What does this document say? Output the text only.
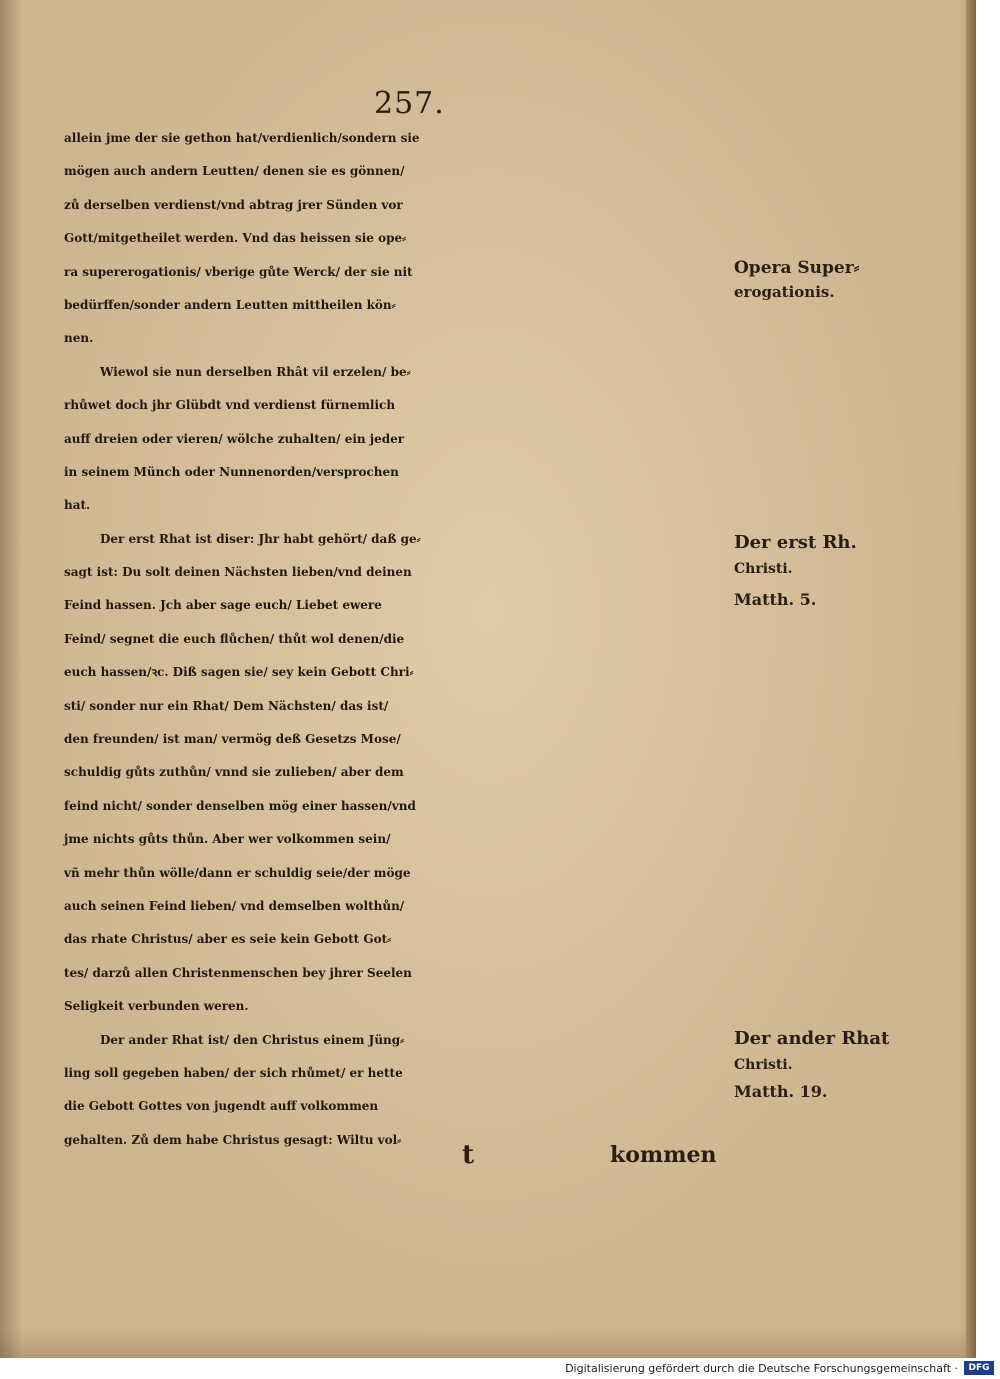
257.
allein jme der sie gethon hat/verdienlich/sondern sie
mögen auch andern Leutten/ denen sie es gönnen/
zů derselben verdienst/vnd abtrag jrer Sünden vor
Gott/mitgetheilet werden. Vnd das heissen sie ope⸗
ra supererogationis/ vberige gůte Werck/ der sie nit
bedürffen/sonder andern Leutten mittheilen kön⸗
nen.
Wiewol sie nun derselben Rhât vil erzelen/ be⸗
rhůwet doch jhr Glübdt vnd verdienst fürnemlich
auff dreien oder vieren/ wölche zuhalten/ ein jeder
in seinem Münch oder Nunnenorden/versprochen
hat.
Der erst Rhat ist diser: Jhr habt gehört/ daß ge⸗
sagt ist: Du solt deinen Nächsten lieben/vnd deinen
Feind hassen. Jch aber sage euch/ Liebet ewere
Feind/ segnet die euch flůchen/ thůt wol denen/die
euch hassen/ꝛc. Diß sagen sie/ sey kein Gebott Chri⸗
sti/ sonder nur ein Rhat/ Dem Nächsten/ das ist/
den freunden/ ist man/ vermög deß Gesetzs Mose/
schuldig gůts zuthůn/ vnnd sie zulieben/ aber dem
feind nicht/ sonder denselben mög einer hassen/vnd
jme nichts gůts thůn. Aber wer volkommen sein/
vñ mehr thůn wölle/dann er schuldig seie/der möge
auch seinen Feind lieben/ vnd demselben wolthůn/
das rhate Christus/ aber es seie kein Gebott Got⸗
tes/ darzů allen Christenmenschen bey jhrer Seelen
Seligkeit verbunden weren.
Der ander Rhat ist/ den Christus einem Jüng⸗
ling soll gegeben haben/ der sich rhůmet/ er hette
die Gebott Gottes von jugendt auff volkommen
gehalten. Zů dem habe Christus gesagt: Wiltu vol⸗
Opera Super⸗
erogationis.
Der erst Rh.
Christi.
Matth. 5.
Der ander Rhat
Christi.
Matth. 19.
t	kommen
Digitalisierung gefördert durch die Deutsche Forschungsgemeinschaft ·	DFG
